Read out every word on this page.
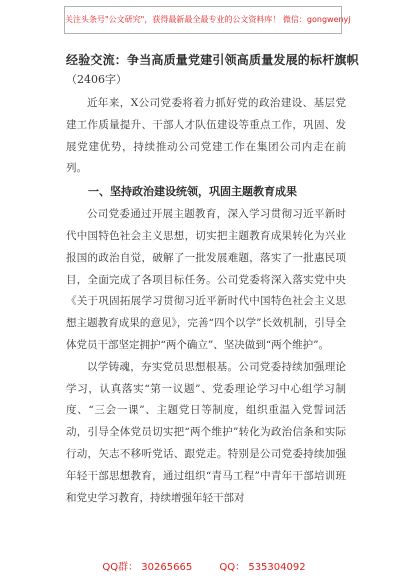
关注头条号"公文研究"，获得最新最全最专业的公文资料库！ 微信：gongwenyj
经验交流：争当高质量党建引领高质量发展的标杆旗帜
（2406字）

近年来，X公司党委将着力抓好党的政治建设、基层党建工作质量提升、干部人才队伍建设等重点工作，巩固、发展党建优势，持续推动公司党建工作在集团公司内走在前列。

一、坚持政治建设统领，巩固主题教育成果

公司党委通过开展主题教育，深入学习贯彻习近平新时代中国特色社会主义思想，切实把主题教育成果转化为兴业报国的政治自觉，破解了一批发展难题，落实了一批惠民项目，全面完成了各项目标任务。公司党委将深入落实党中央《关于巩固拓展学习贯彻习近平新时代中国特色社会主义思想主题教育成果的意见》，完善“四个以学”长效机制，引导全体党员干部坚定拥护“两个确立”、坚决做到“两个维护”。

以学铸魂，夯实党员思想根基。公司党委持续加强理论学习，认真落实“第一议题”、党委理论学习中心组学习制度、“三会一课”、主题党日等制度，组织重温入党誓词活动，引导全体党员切实把“两个维护”转化为政治信条和实际行动，矢志不移听党话、跟党走。特别是公司党委持续加强年轻干部思想教育，通过组织“青马工程”中青年干部培训班和党史学习教育，持续增强年轻干部对

QQ群： 30265665	QQ： 535304092
